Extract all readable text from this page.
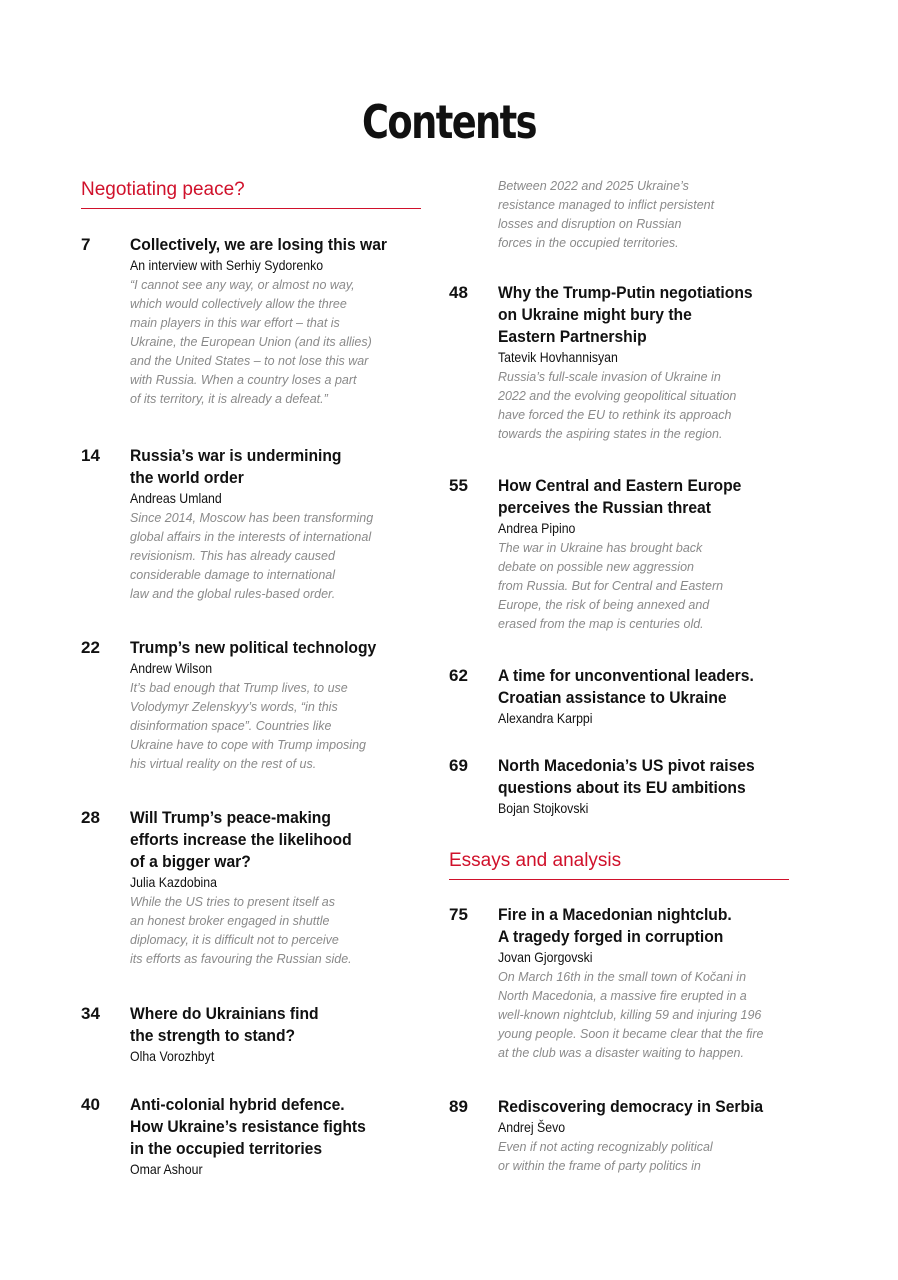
Contents
Negotiating peace?
7 Collectively, we are losing this war
An interview with Serhiy Sydorenko
“I cannot see any way, or almost no way,
which would collectively allow the three
main players in this war effort – that is
Ukraine, the European Union (and its allies)
and the United States – to not lose this war
with Russia. When a country loses a part
of its territory, it is already a defeat.”
14 Russia’s war is undermining
the world order
Andreas Umland
Since 2014, Moscow has been transforming
global affairs in the interests of international
revisionism. This has already caused
considerable damage to international
law and the global rules-based order.
22 Trump’s new political technology
Andrew Wilson
It’s bad enough that Trump lives, to use
Volodymyr Zelenskyy’s words, “in this
disinformation space”. Countries like
Ukraine have to cope with Trump imposing
his virtual reality on the rest of us.
28 Will Trump’s peace-making
efforts increase the likelihood
of a bigger war?
Julia Kazdobina
While the US tries to present itself as
an honest broker engaged in shuttle
diplomacy, it is difficult not to perceive
its efforts as favouring the Russian side.
34 Where do Ukrainians find
the strength to stand?
Olha Vorozhbyt
40 Anti-colonial hybrid defence.
How Ukraine’s resistance fights
in the occupied territories
Omar Ashour
Between 2022 and 2025 Ukraine’s
resistance managed to inflict persistent
losses and disruption on Russian
forces in the occupied territories.
48 Why the Trump-Putin negotiations
on Ukraine might bury the
Eastern Partnership
Tatevik Hovhannisyan
Russia’s full-scale invasion of Ukraine in
2022 and the evolving geopolitical situation
have forced the EU to rethink its approach
towards the aspiring states in the region.
55 How Central and Eastern Europe
perceives the Russian threat
Andrea Pipino
The war in Ukraine has brought back
debate on possible new aggression
from Russia. But for Central and Eastern
Europe, the risk of being annexed and
erased from the map is centuries old.
62 A time for unconventional leaders.
Croatian assistance to Ukraine
Alexandra Karppi
69 North Macedonia’s US pivot raises
questions about its EU ambitions
Bojan Stojkovski
Essays and analysis
75 Fire in a Macedonian nightclub.
A tragedy forged in corruption
Jovan Gjorgovski
On March 16th in the small town of Kočani in
North Macedonia, a massive fire erupted in a
well-known nightclub, killing 59 and injuring 196
young people. Soon it became clear that the fire
at the club was a disaster waiting to happen.
89 Rediscovering democracy in Serbia
Andrej Ševo
Even if not acting recognizably political
or within the frame of party politics in
